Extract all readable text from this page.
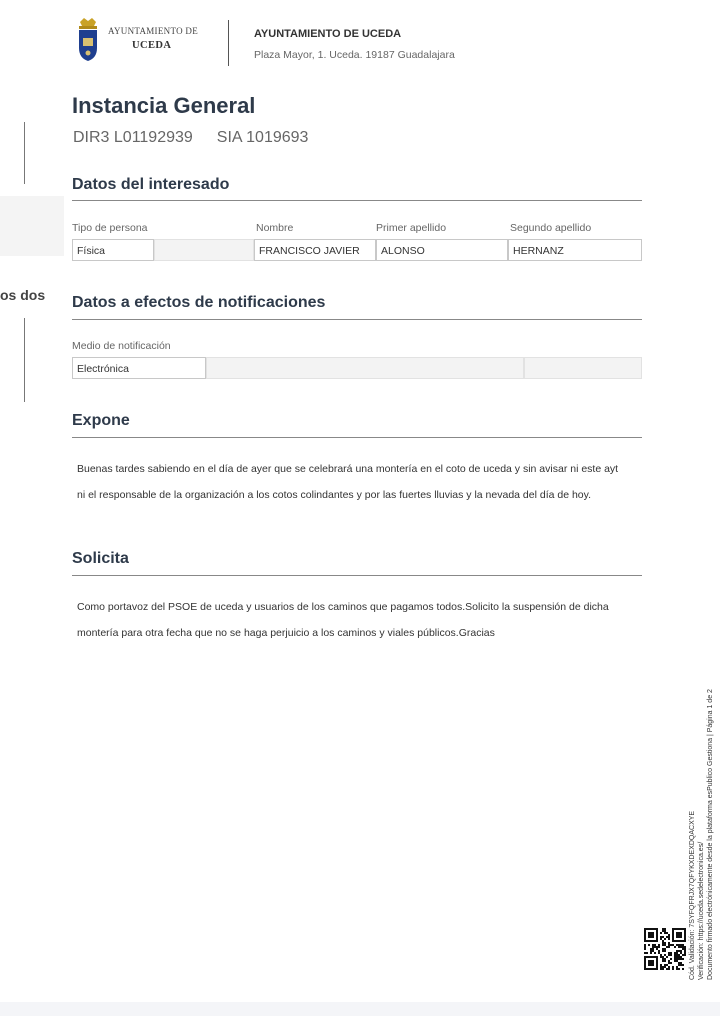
AYUNTAMIENTO DE
UCEDA
AYUNTAMIENTO DE UCEDA
Plaza Mayor, 1. Uceda. 19187 Guadalajara
Instancia General
DIR3 L01192939 SIA 1019693
Datos del interesado
Tipo de persona	Nombre	Primer apellido	Segundo apellido
Física	FRANCISCO JAVIER	ALONSO	HERNANZ
Datos a efectos de notificaciones
Medio de notificación
Electrónica
Expone
Buenas tardes sabiendo en el día de ayer que se celebrará una montería en el coto de uceda y sin avisar ni este ayt
ni el responsable de la organización a los cotos colindantes y por las fuertes lluvias y la nevada del día de hoy.
Solicita
Como portavoz del PSOE de uceda y usuarios de los caminos que pagamos todos.Solicito la suspensión de dicha
montería para otra fecha que no se haga perjuicio a los caminos y viales públicos.Gracias
os dos
Cód. Validación: 7SYFQFRJX7QFYKXDEXDQACXYE Verificación: https://uceda.sedelectronica.es/ Documento firmado electrónicamente desde la plataforma esPublico Gestiona | Página 1 de 2
